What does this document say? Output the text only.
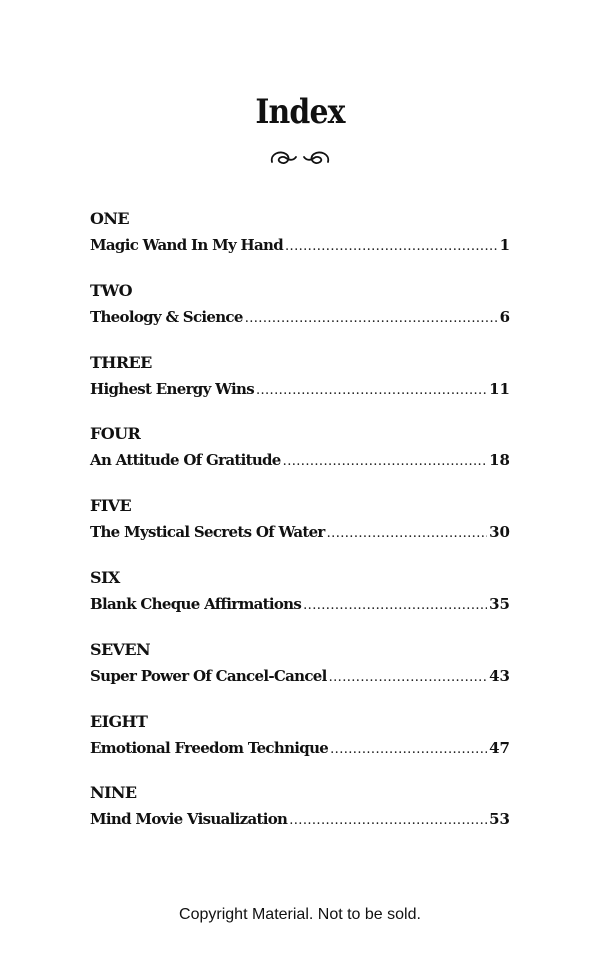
Index
ONE
Magic Wand In My Hand .....	1
TWO
Theology & Science .....	6
THREE
Highest Energy Wins .....	11
FOUR
An Attitude Of Gratitude .....	18
FIVE
The Mystical Secrets Of Water .....	30
SIX
Blank Cheque Affirmations .....	35
SEVEN
Super Power Of Cancel-Cancel .....	43
EIGHT
Emotional Freedom Technique .....	47
NINE
Mind Movie Visualization .....	53
Copyright Material. Not to be sold.
